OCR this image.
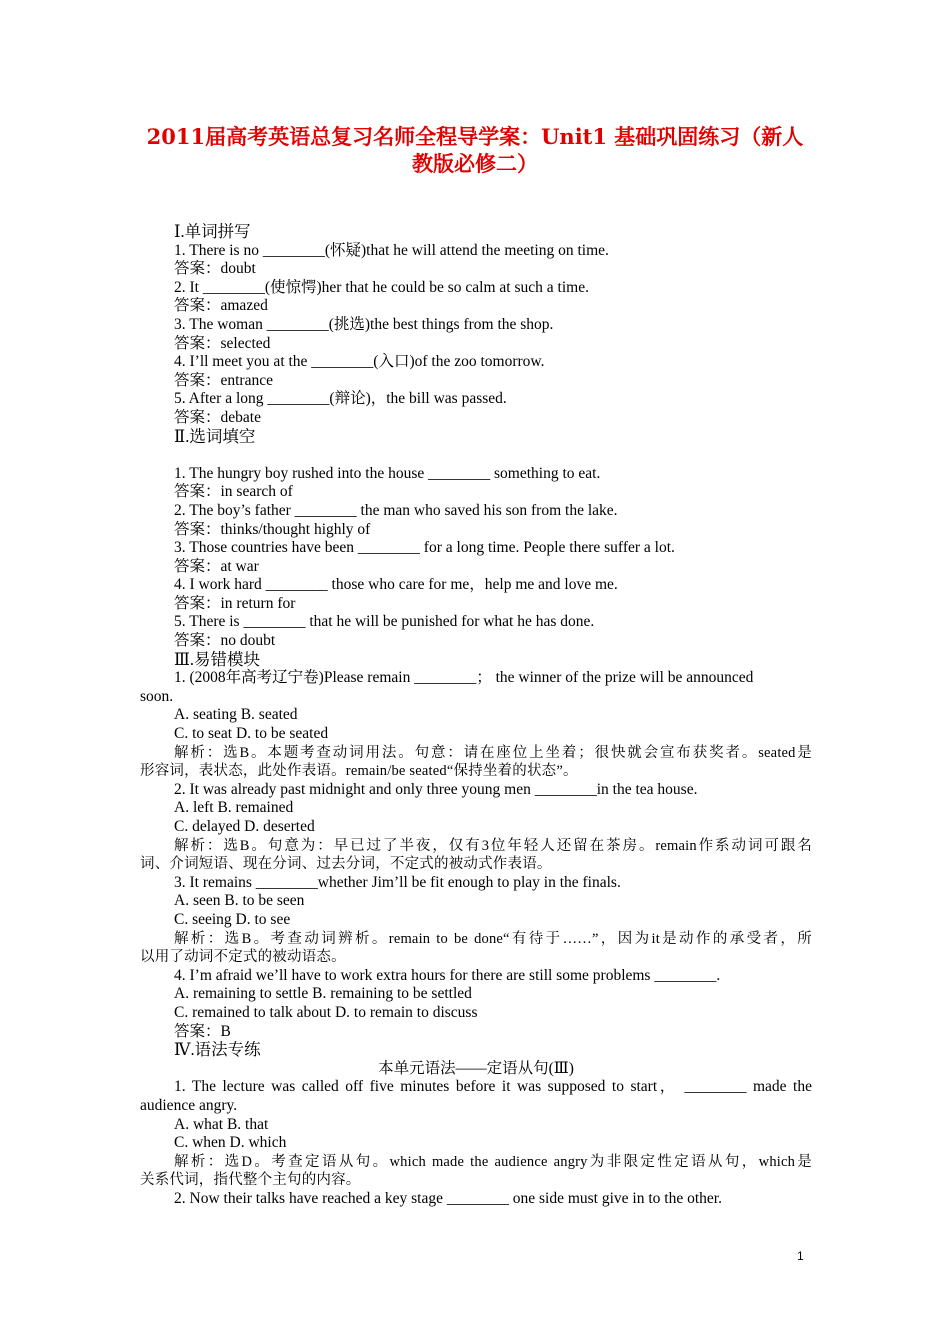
2011届高考英语总复习名师全程导学案：Unit1 基础巩固练习（新人
教版必修二）
Ⅰ.单词拼写
1. There is no ________(怀疑)that he will attend the meeting on time.
答案：doubt
2. It ________(使惊愕)her that he could be so calm at such a time.
答案：amazed
3. The woman ________(挑选)the best things from the shop.
答案：selected
4. I’ll meet you at the ________(入口)of the zoo tomorrow.
答案：entrance
5. After a long ________(辩论)，the bill was passed.
答案：debate
Ⅱ.选词填空
1. The hungry boy rushed into the house ________ something to eat.
答案：in search of
2. The boy’s father ________ the man who saved his son from the lake.
答案：thinks/thought highly of
3. Those countries have been ________ for a long time. People there suffer a lot.
答案：at war
4. I work hard ________ those who care for me，help me and love me.
答案：in return for
5. There is ________ that he will be punished for what he has done.
答案：no doubt
Ⅲ.易错模块
1. (2008年高考辽宁卷)Please remain ________； the winner of the prize will be announced
soon.
A. seating B. seated
C. to seat D. to be seated
解析：选B。本题考查动词用法。句意：请在座位上坐着；很快就会宣布获奖者。seated是
形容词，表状态，此处作表语。remain/be seated“保持坐着的状态”。
2. It was already past midnight and only three young men ________in the tea house.
A. left B. remained
C. delayed D. deserted
解析：选B。句意为：早已过了半夜，仅有3位年轻人还留在茶房。remain作系动词可跟名
词、介词短语、现在分词、过去分词，不定式的被动式作表语。
3. It remains ________whether Jim’ll be fit enough to play in the finals.
A. seen B. to be seen
C. seeing D. to see
解析：选B。考查动词辨析。remain to be done“有待于……”，因为it是动作的承受者，所
以用了动词不定式的被动语态。
4. I’m afraid we’ll have to work extra hours for there are still some problems ________.
A. remaining to settle B. remaining to be settled
C. remained to talk about D. to remain to discuss
答案：B
Ⅳ.语法专练
本单元语法——定语从句(Ⅲ)
1. The lecture was called off five minutes before it was supposed to start， ________ made the
audience angry.
A. what B. that
C. when D. which
解析：选D。考查定语从句。which made the audience angry为非限定性定语从句，which是
关系代词，指代整个主句的内容。
2. Now their talks have reached a key stage ________ one side must give in to the other.
1
